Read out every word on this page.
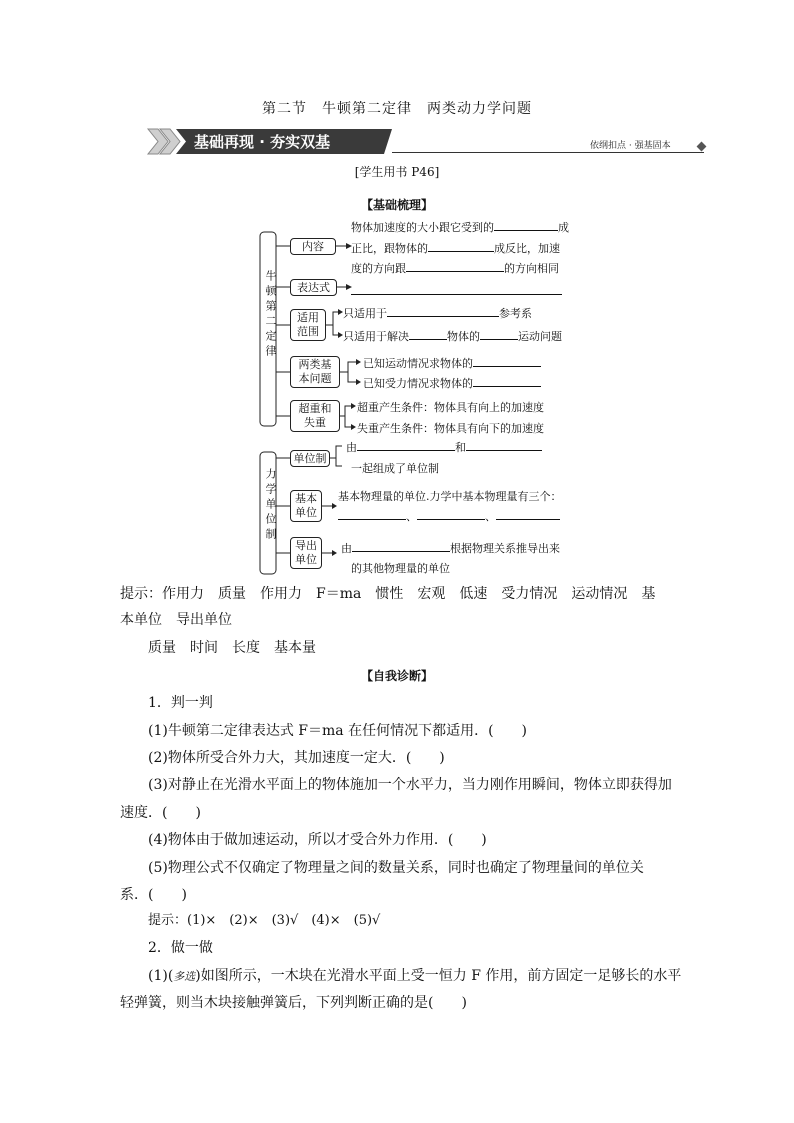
第二节　牛顿第二定律　两类动力学问题
基础再现 · 夯实双基	依纲扣点 · 强基固本
[学生用书 P46]
【基础梳理】
牛顿第二定律
内容
表达式
适用
范围
两类基
本问题
超重和
失重
物体加速度的大小跟它受到的	成
正比，跟物体的	成反比，加速
度的方向跟	的方向相同
只适用于	参考系
只适用于解决	物体的	运动问题
已知运动情况求物体的
已知受力情况求物体的
超重产生条件：物体具有向上的加速度
失重产生条件：物体具有向下的加速度
力学单位制
单位制
基本
单位
导出
单位
由	和
一起组成了单位制
基本物理量的单位.力学中基本物理量有三个：
、	、
由	根据物理关系推导出来
的其他物理量的单位
提示：作用力　质量　作用力　F＝ma　惯性　宏观　低速　受力情况　运动情况　基
本单位　导出单位
质量　时间　长度　基本量
【自我诊断】
1．判一判
(1)牛顿第二定律表达式 F＝ma 在任何情况下都适用．(　　)
(2)物体所受合外力大，其加速度一定大．(　　)
(3)对静止在光滑水平面上的物体施加一个水平力，当力刚作用瞬间，物体立即获得加
速度．(　　)
(4)物体由于做加速运动，所以才受合外力作用．(　　)
(5)物理公式不仅确定了物理量之间的数量关系，同时也确定了物理量间的单位关
系．(　　)
提示：(1)×　(2)×　(3)√　(4)×　(5)√
2．做一做
(1)(多选)如图所示，一木块在光滑水平面上受一恒力 F 作用，前方固定一足够长的水平
轻弹簧，则当木块接触弹簧后，下列判断正确的是(　　)
